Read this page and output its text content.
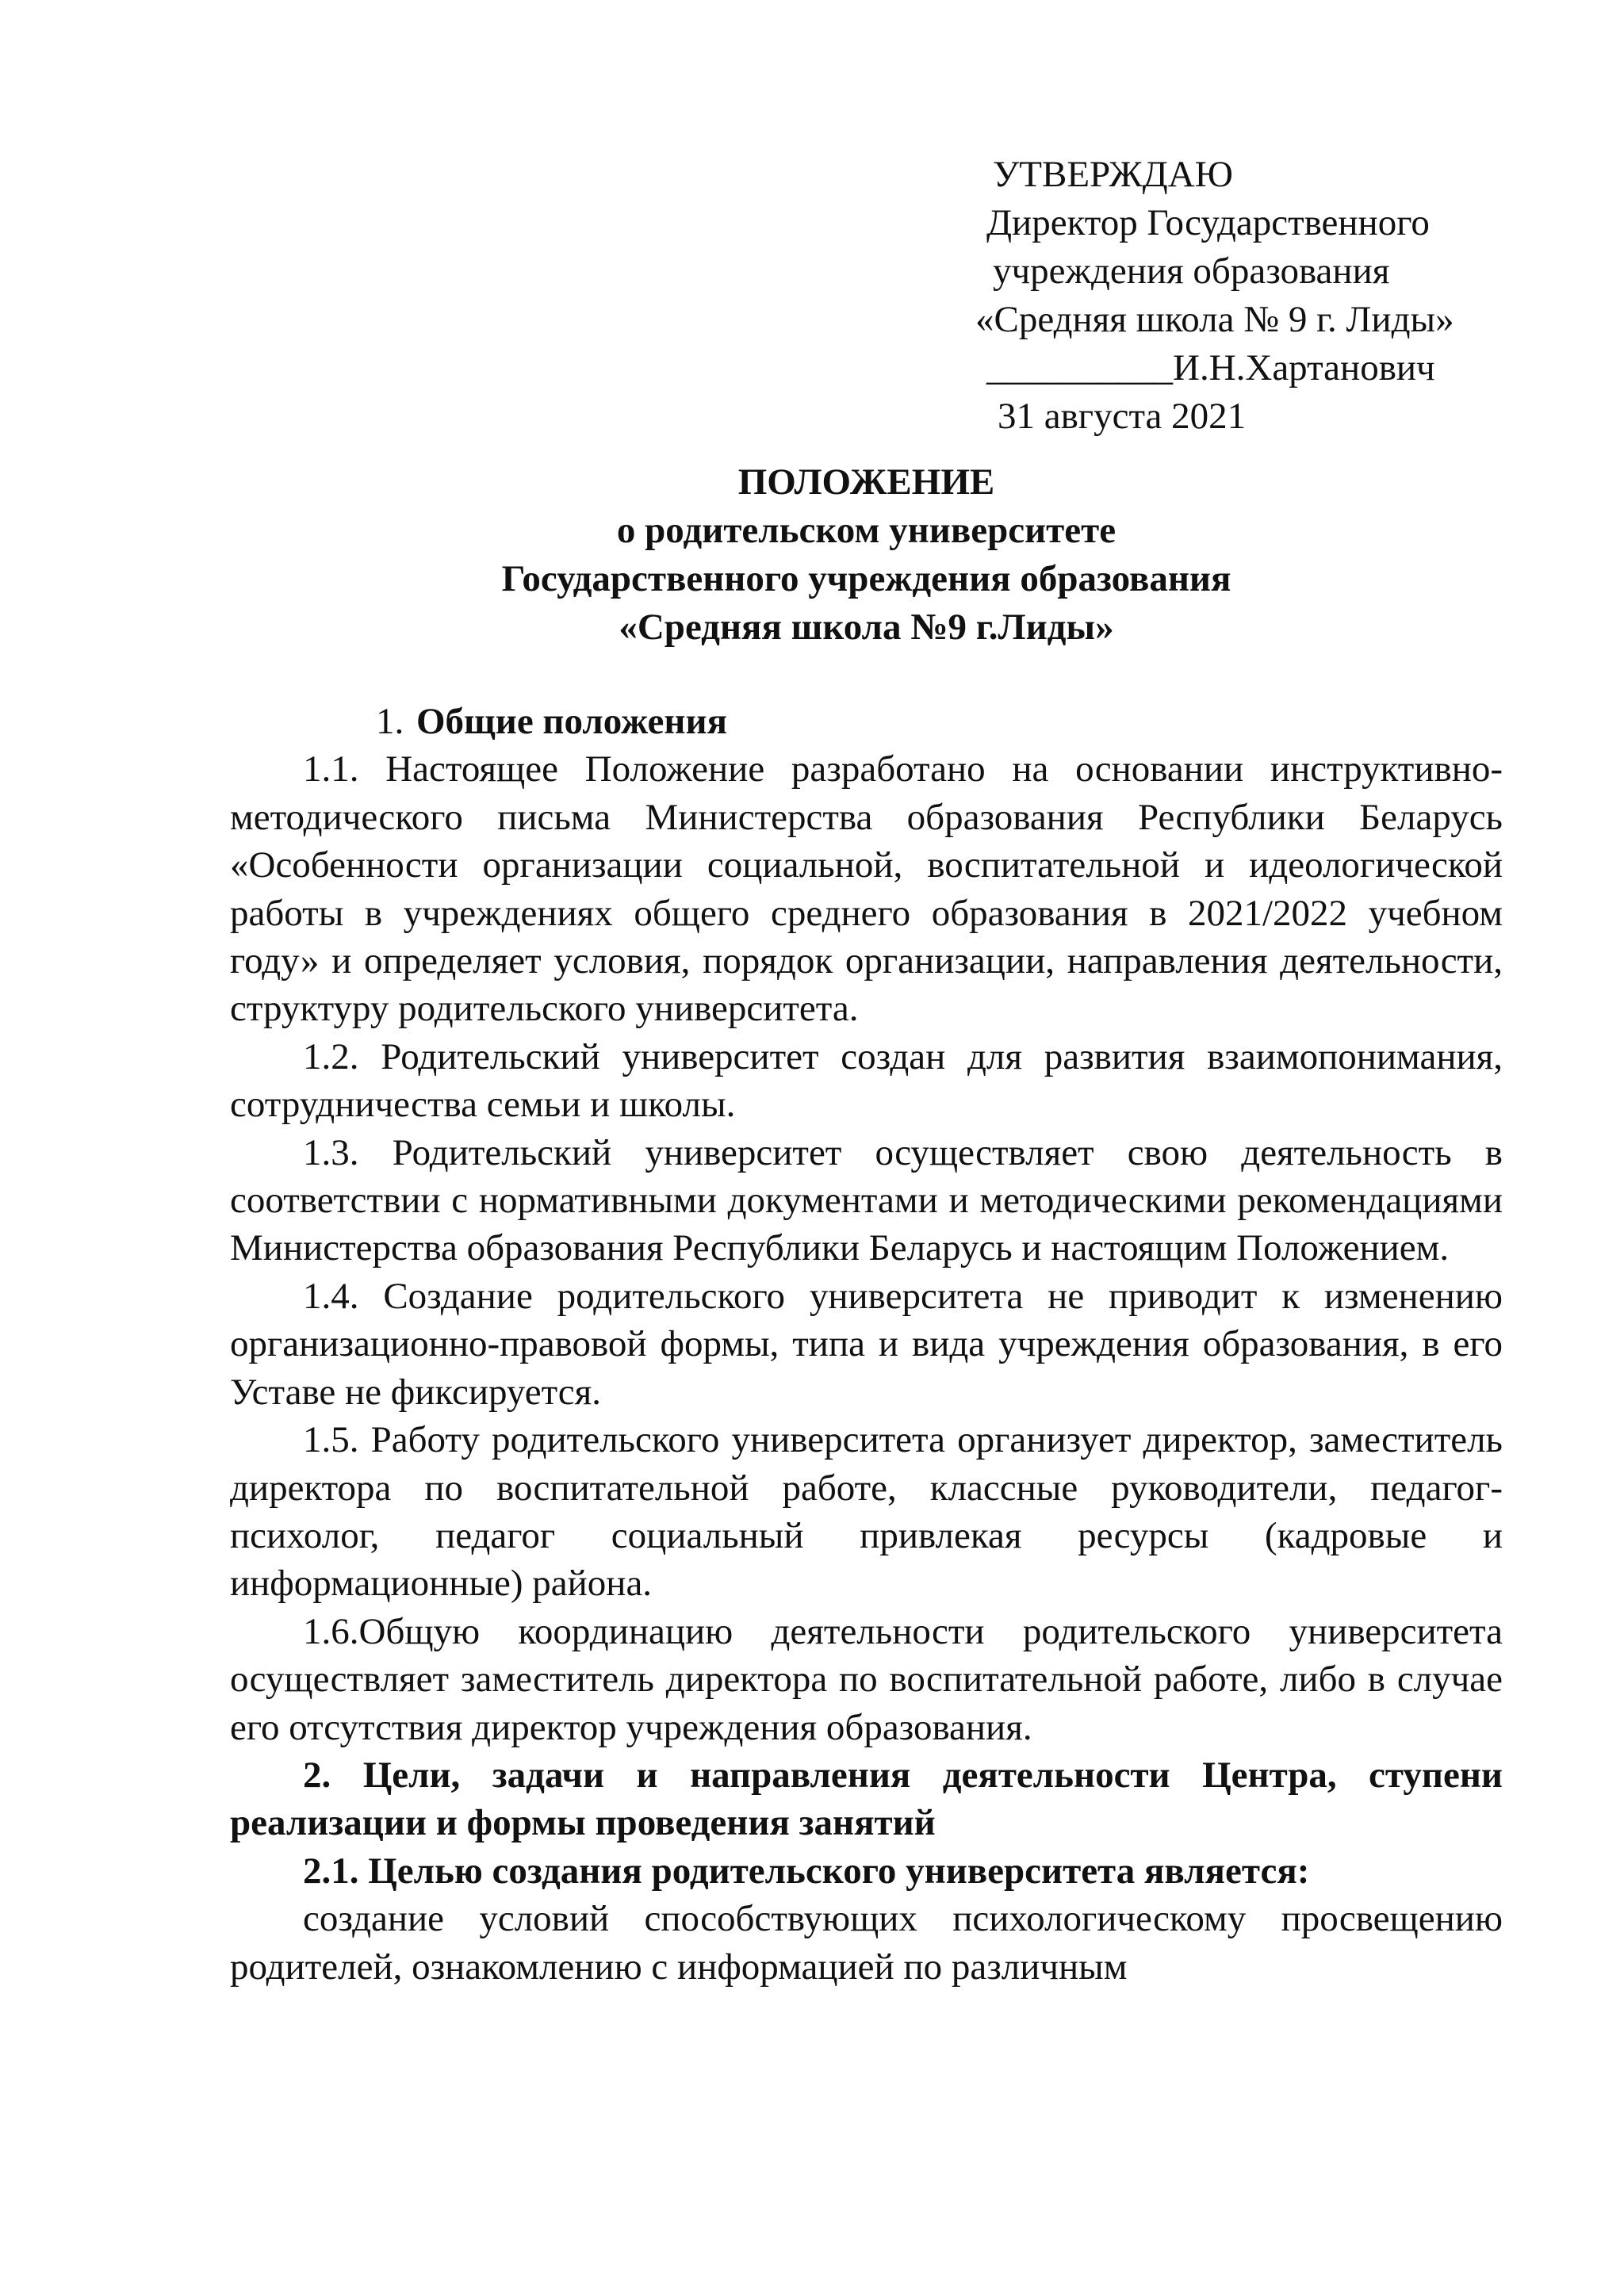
УТВЕРЖДАЮ
Директор Государственного
учреждения образования
«Средняя школа № 9 г. Лиды»
__________И.Н.Хартанович
31 августа 2021
ПОЛОЖЕНИЕ
о родительском университете
Государственного учреждения образования
«Средняя школа №9 г.Лиды»

1. Общие положения

1.1. Настоящее Положение разработано на основании инструктивно-методического письма Министерства образования Республики Беларусь «Особенности организации социальной, воспитательной и идеологической работы в учреждениях общего среднего образования в 2021/2022 учебном году» и определяет условия, порядок организации, направления деятельности, структуру родительского университета.

1.2. Родительский университет создан для развития взаимопонимания, сотрудничества семьи и школы.

1.3. Родительский университет осуществляет свою деятельность в соответствии с нормативными документами и методическими рекомендациями Министерства образования Республики Беларусь и настоящим Положением.

1.4. Создание родительского университета не приводит к изменению организационно-правовой формы, типа и вида учреждения образования, в его Уставе не фиксируется.

1.5. Работу родительского университета организует директор, заместитель директора по воспитательной работе, классные руководители, педагог-психолог, педагог социальный привлекая ресурсы (кадровые и информационные) района.

1.6.Общую координацию деятельности родительского университета осуществляет заместитель директора по воспитательной работе, либо в случае его отсутствия директор учреждения образования.

2. Цели, задачи и направления деятельности Центра, ступени реализации и формы проведения занятий

2.1. Целью создания родительского университета является:

создание условий способствующих психологическому просвещению родителей, ознакомлению с информацией по различным
